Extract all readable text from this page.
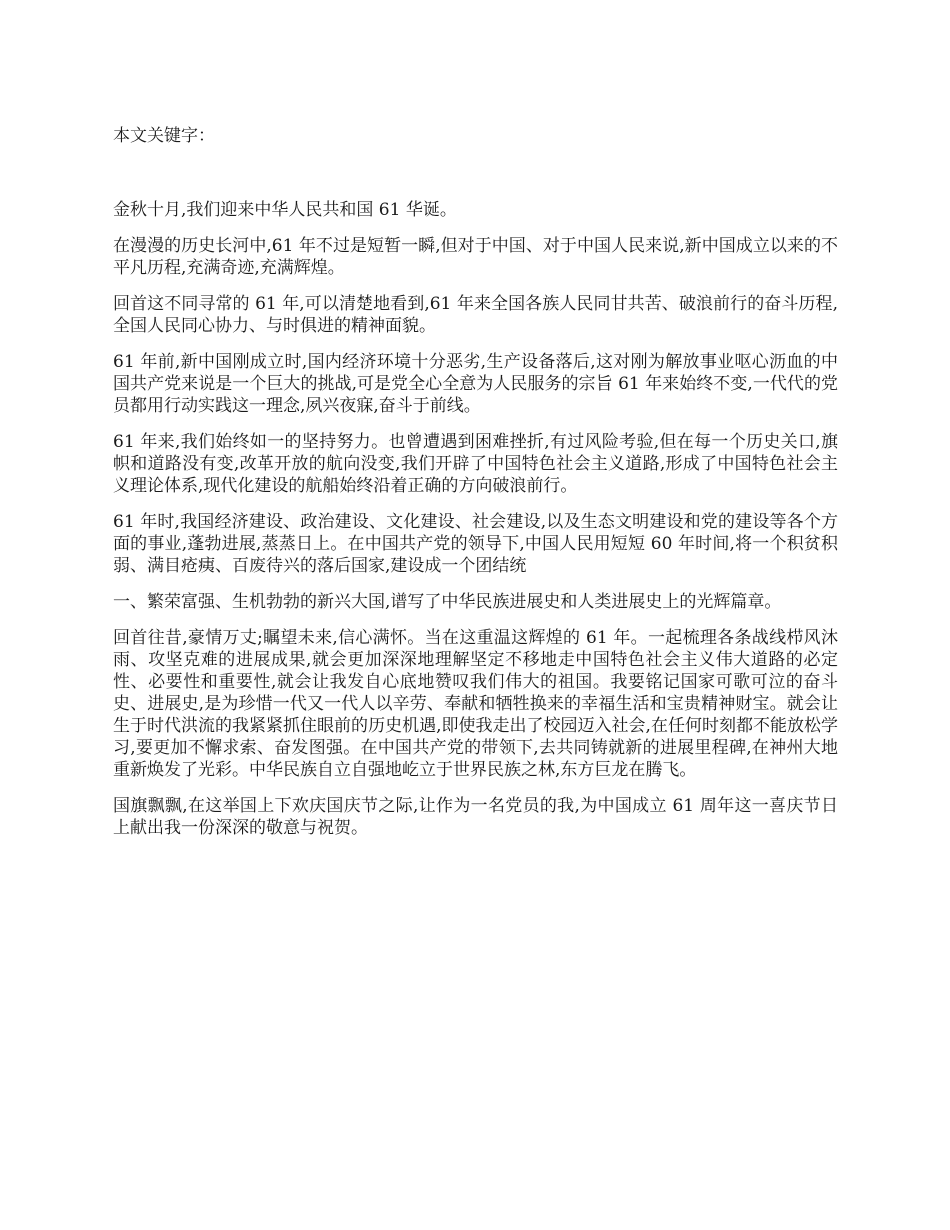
本文关键字：

金秋十月,我们迎来中华人民共和国 61 华诞。

在漫漫的历史长河中,61 年不过是短暂一瞬,但对于中国、对于中国人民来说,新中国成立以来的不平凡历程,充满奇迹,充满辉煌。

回首这不同寻常的 61 年,可以清楚地看到,61 年来全国各族人民同甘共苦、破浪前行的奋斗历程,全国人民同心协力、与时俱进的精神面貌。

61 年前,新中国刚成立时,国内经济环境十分恶劣,生产设备落后,这对刚为解放事业呕心沥血的中国共产党来说是一个巨大的挑战,可是党全心全意为人民服务的宗旨 61 年来始终不变,一代代的党员都用行动实践这一理念,夙兴夜寐,奋斗于前线。

61 年来,我们始终如一的坚持努力。也曾遭遇到困难挫折,有过风险考验,但在每一个历史关口,旗帜和道路没有变,改革开放的航向没变,我们开辟了中国特色社会主义道路,形成了中国特色社会主义理论体系,现代化建设的航船始终沿着正确的方向破浪前行。

61 年时,我国经济建设、政治建设、文化建设、社会建设,以及生态文明建设和党的建设等各个方面的事业,蓬勃进展,蒸蒸日上。在中国共产党的领导下,中国人民用短短 60 年时间,将一个积贫积弱、满目疮痍、百废待兴的落后国家,建设成一个团结统

一、繁荣富强、生机勃勃的新兴大国,谱写了中华民族进展史和人类进展史上的光辉篇章。

回首往昔,豪情万丈;瞩望未来,信心满怀。当在这重温这辉煌的 61 年。一起梳理各条战线栉风沐雨、攻坚克难的进展成果,就会更加深深地理解坚定不移地走中国特色社会主义伟大道路的必定性、必要性和重要性,就会让我发自心底地赞叹我们伟大的祖国。我要铭记国家可歌可泣的奋斗史、进展史,是为珍惜一代又一代人以辛劳、奉献和牺牲换来的幸福生活和宝贵精神财宝。就会让生于时代洪流的我紧紧抓住眼前的历史机遇,即使我走出了校园迈入社会,在任何时刻都不能放松学习,要更加不懈求索、奋发图强。在中国共产党的带领下,去共同铸就新的进展里程碑,在神州大地重新焕发了光彩。中华民族自立自强地屹立于世界民族之林,东方巨龙在腾飞。

国旗飘飘,在这举国上下欢庆国庆节之际,让作为一名党员的我,为中国成立 61 周年这一喜庆节日上献出我一份深深的敬意与祝贺。
